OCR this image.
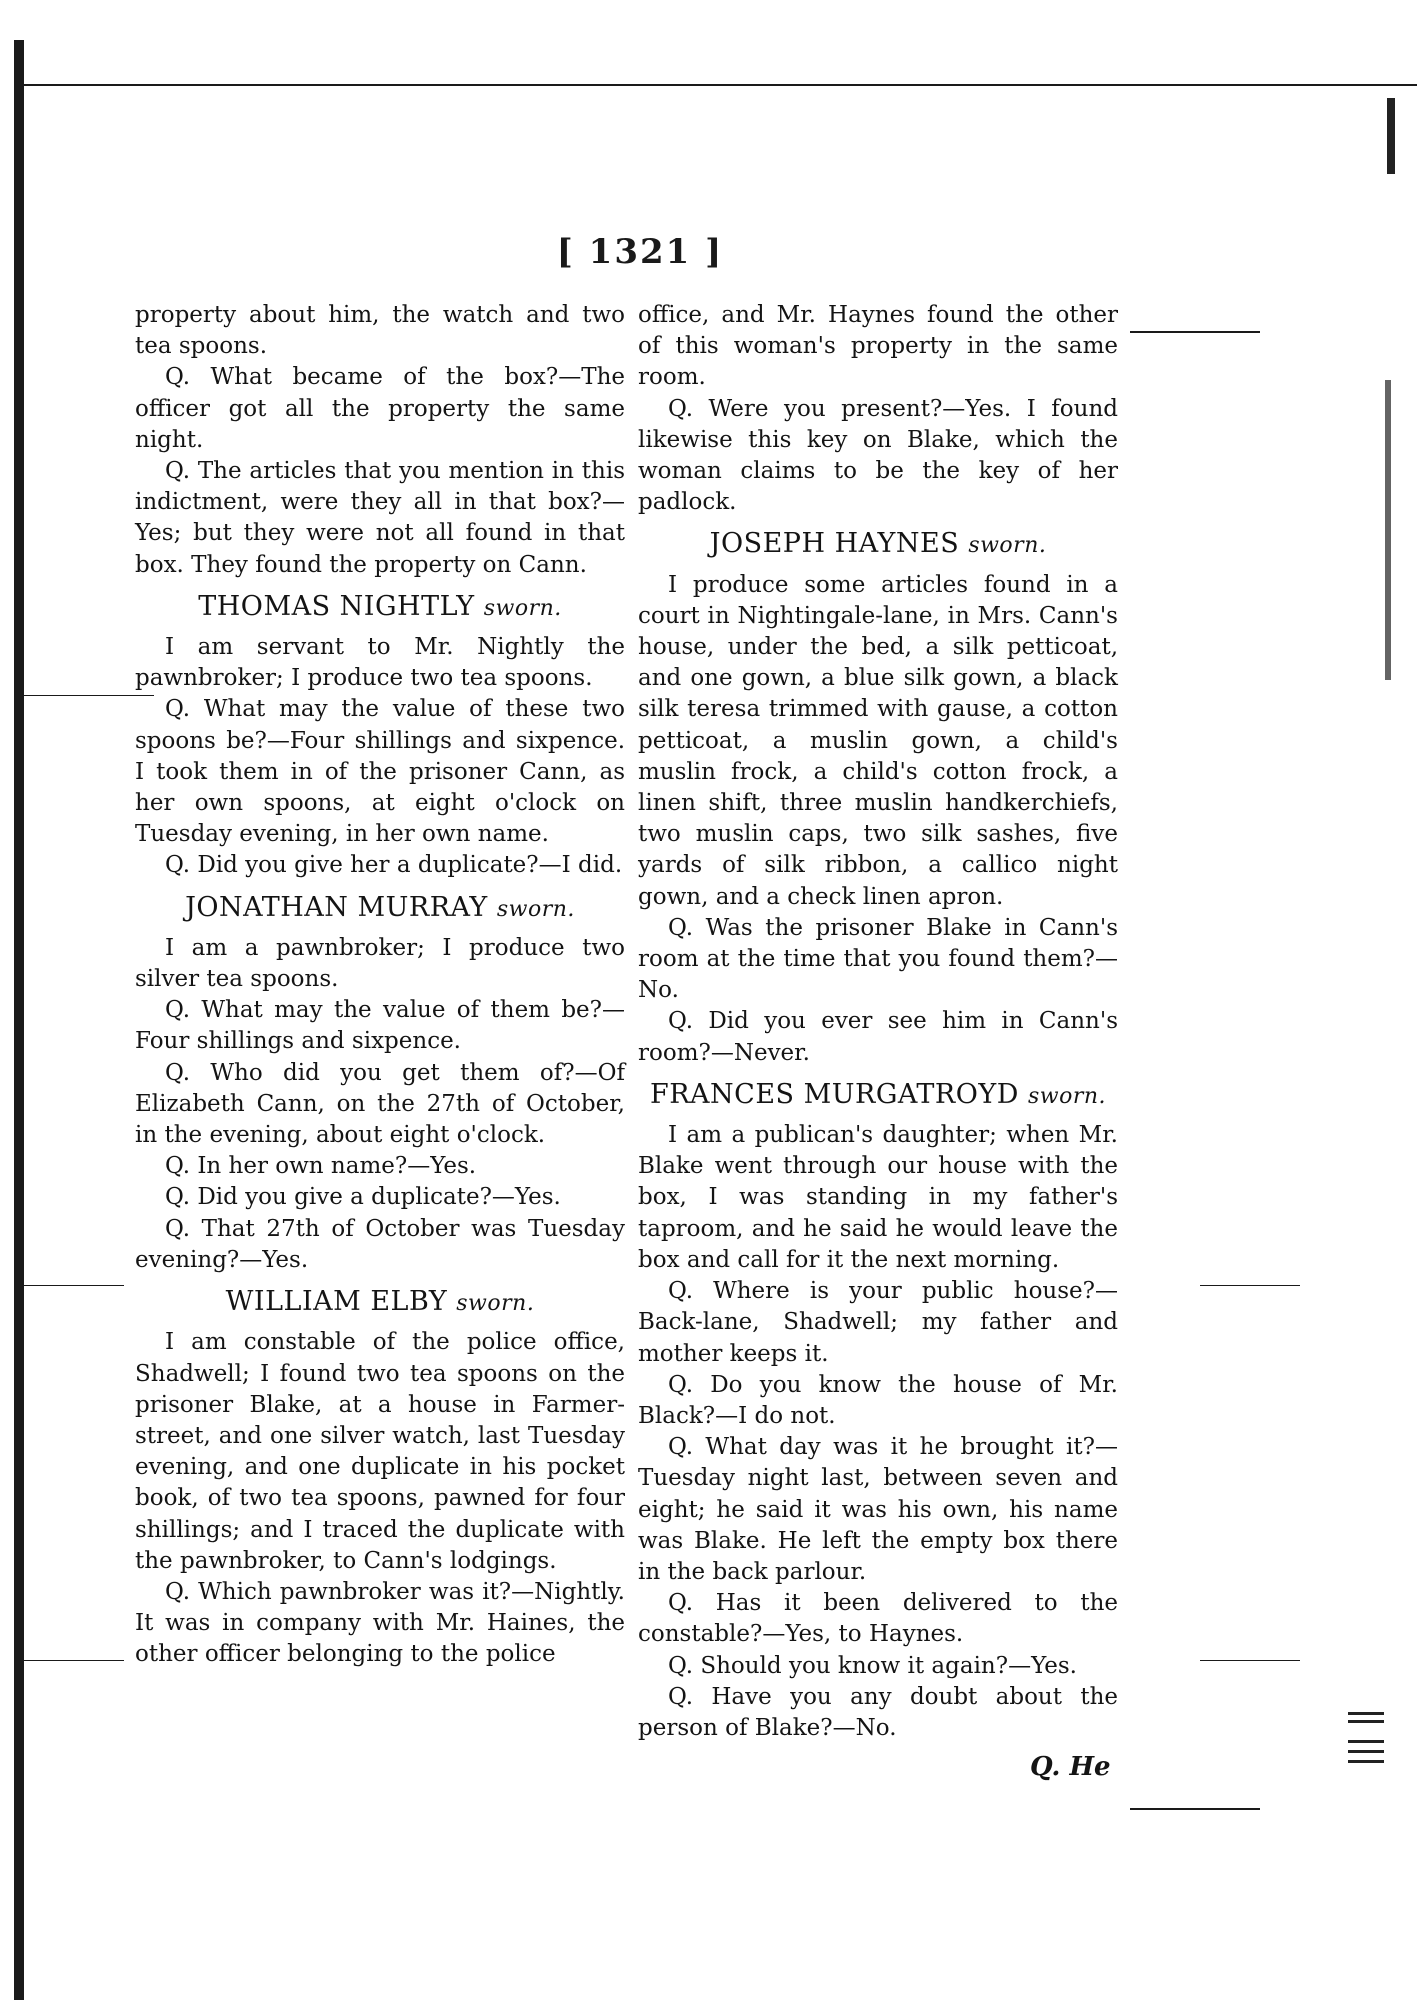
[ 1321 ]

property about him, the watch and two tea spoons.

Q. What became of the box?—The officer got all the property the same night.

Q. The articles that you mention in this indictment, were they all in that box?—Yes; but they were not all found in that box. They found the property on Cann.

THOMAS NIGHTLY sworn.

I am servant to Mr. Nightly the pawnbroker; I produce two tea spoons.

Q. What may the value of these two spoons be?—Four shillings and sixpence. I took them in of the prisoner Cann, as her own spoons, at eight o'clock on Tuesday evening, in her own name.

Q. Did you give her a duplicate?—I did.

JONATHAN MURRAY sworn.

I am a pawnbroker; I produce two silver tea spoons.

Q. What may the value of them be?—Four shillings and sixpence.

Q. Who did you get them of?—Of Elizabeth Cann, on the 27th of October, in the evening, about eight o'clock.

Q. In her own name?—Yes.

Q. Did you give a duplicate?—Yes.

Q. That 27th of October was Tuesday evening?—Yes.

WILLIAM ELBY sworn.

I am constable of the police office, Shadwell; I found two tea spoons on the prisoner Blake, at a house in Farmer-street, and one silver watch, last Tuesday evening, and one duplicate in his pocket book, of two tea spoons, pawned for four shillings; and I traced the duplicate with the pawnbroker, to Cann's lodgings.

Q. Which pawnbroker was it?—Nightly. It was in company with Mr. Haines, the other officer belonging to the police

office, and Mr. Haynes found the other of this woman's property in the same room.

Q. Were you present?—Yes. I found likewise this key on Blake, which the woman claims to be the key of her padlock.

JOSEPH HAYNES sworn.

I produce some articles found in a court in Nightingale-lane, in Mrs. Cann's house, under the bed, a silk petticoat, and one gown, a blue silk gown, a black silk teresa trimmed with gause, a cotton petticoat, a muslin gown, a child's muslin frock, a child's cotton frock, a linen shift, three muslin handkerchiefs, two muslin caps, two silk sashes, five yards of silk ribbon, a callico night gown, and a check linen apron.

Q. Was the prisoner Blake in Cann's room at the time that you found them?—No.

Q. Did you ever see him in Cann's room?—Never.

FRANCES MURGATROYD sworn.

I am a publican's daughter; when Mr. Blake went through our house with the box, I was standing in my father's taproom, and he said he would leave the box and call for it the next morning.

Q. Where is your public house?—Back-lane, Shadwell; my father and mother keeps it.

Q. Do you know the house of Mr. Black?—I do not.

Q. What day was it he brought it?—Tuesday night last, between seven and eight; he said it was his own, his name was Blake. He left the empty box there in the back parlour.

Q. Has it been delivered to the constable?—Yes, to Haynes.

Q. Should you know it again?—Yes.

Q. Have you any doubt about the person of Blake?—No.

Q. He
